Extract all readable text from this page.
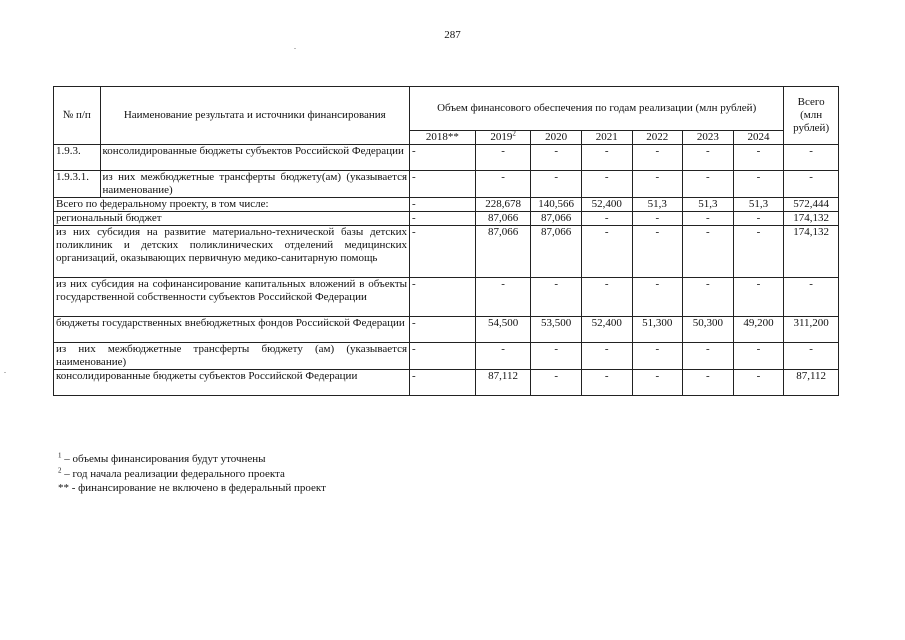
287
№ п/п	Наименование результата и источники финансирования	Объем финансового обеспечения по годам реализации (млн рублей)							Всего (млн рублей)
		2018**	2019$^2$	2020	2021	2022	2023	2024	
1.9.3.	консолидированные бюджеты субъектов Российской Федерации	-	-	-	-	-	-	-	-
1.9.3.1.	из них межбюджетные трансферты бюджету(ам) (указывается наименование)	-	-	-	-	-	-	-	-
Всего по федеральному проекту, в том числе:		-	228,678	140,566	52,400	51,3	51,3	51,3	572,444
региональный бюджет		-	87,066	87,066	-	-	-	-	174,132
из них субсидия на развитие материально-технической базы детских поликлиник и детских поликлинических отделений медицинских организаций, оказывающих первичную медико-санитарную помощь		-	87,066	87,066	-	-	-	-	174,132
из них субсидия на софинансирование капитальных вложений в объекты государственной собственности субъектов Российской Федерации		-	-	-	-	-	-	-	-
бюджеты государственных внебюджетных фондов Российской Федерации		-	54,500	53,500	52,400	51,300	50,300	49,200	311,200
из них межбюджетные трансферты бюджету (ам) (указывается наименование)		-	-	-	-	-	-	-	-
консолидированные бюджеты субъектов Российской Федерации		-	87,112	-	-	-	-	-	87,112
$^1$ – объемы финансирования будут уточнены
$^2$ – год начала реализации федерального проекта
** - финансирование не включено в федеральный проект
